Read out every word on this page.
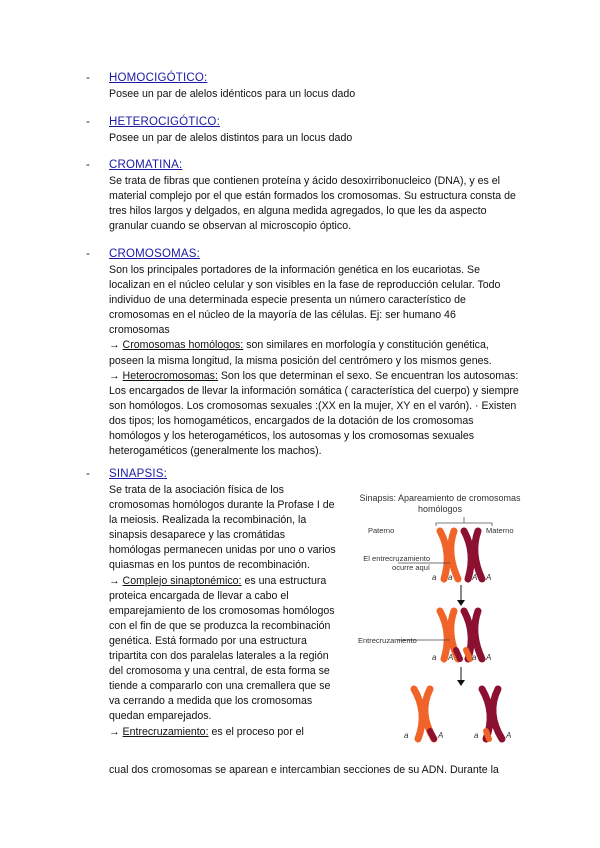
- HOMOCIGÓTICO:
Posee un par de alelos idénticos para un locus dado
- HETEROCIGÓTICO:
Posee un par de alelos distintos para un locus dado
- CROMATINA:
Se trata de fibras que contienen proteína y ácido desoxirribonucleico (DNA), y es el material complejo por el que están formados los cromosomas. Su estructura consta de tres hilos largos y delgados, en alguna medida agregados, lo que les da aspecto granular cuando se observan al microscopio óptico.
- CROMOSOMAS:

Son los principales portadores de la información genética en los eucariotas. Se localizan en el núcleo celular y son visibles en la fase de reproducción celular. Todo individuo de una determinada especie presenta un número característico de cromosomas en el núcleo de la mayoría de las células. Ej: ser humano 46 cromosomas

→ Cromosomas homólogos: son similares en morfología y constitución genética, poseen la misma longitud, la misma posición del centrómero y los mismos genes.

→ Heterocromosomas: Son los que determinan el sexo. Se encuentran los autosomas: Los encargados de llevar la información somática ( característica del cuerpo) y siempre son homólogos. Los cromosomas sexuales :(XX en la mujer, XY en el varón). · Existen dos tipos; los homogaméticos, encargados de la dotación de los cromosomas homólogos y los heterogaméticos, los autosomas y los cromosomas sexuales heterogaméticos (generalmente los machos).

- SINAPSIS:

Se trata de la asociación física de los cromosomas homólogos durante la Profase I de la meiosis. Realizada la recombinación, la sinapsis desaparece y las cromátidas homólogas permanecen unidas por uno o varios quiasmas en los puntos de recombinación.

→ Complejo sinaptonémico: es una estructura proteica encargada de llevar a cabo el emparejamiento de los cromosomas homólogos con el fin de que se produzca la recombinación genética. Está formado por una estructura tripartita con dos paralelas laterales a la región del cromosoma y una central, de esta forma se tiende a compararlo con una cremallera que se va cerrando a medida que los cromosomas quedan emparejados.

→ Entrecruzamiento: es el proceso por el

cual dos cromosomas se aparean e intercambian secciones de su ADN. Durante la
Sinapsis: Apareamiento de cromosomas homólogos
Paterno	Materno
El entrecruzamiento ocurre aquí
Entrecruzamiento
a a A A
a A a A
a	A	a	A
